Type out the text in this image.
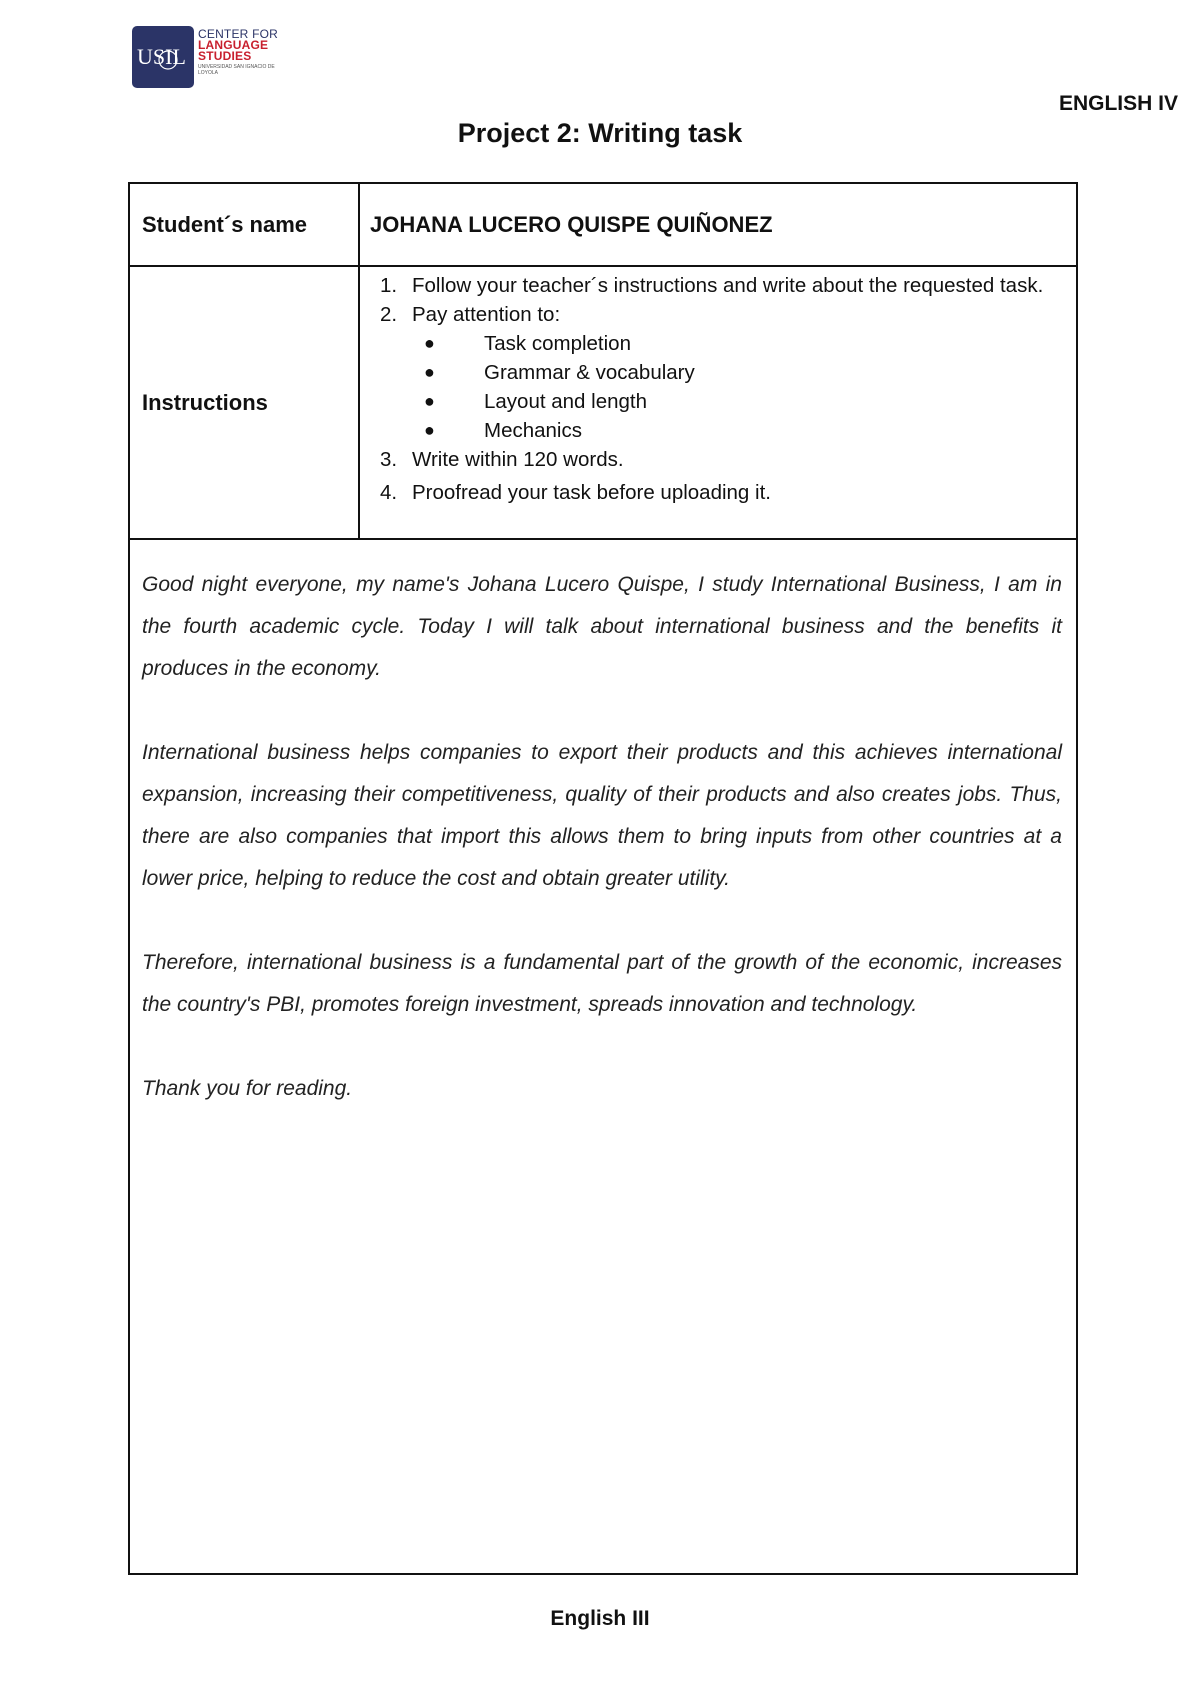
USIL
CENTER FOR
LANGUAGE
STUDIES
UNIVERSIDAD SAN IGNACIO DE LOYOLA
ENGLISH IV
Project 2: Writing task
Student´s name	JOHANA LUCERO QUISPE QUIÑONEZ
Instructions
1. Follow your teacher´s instructions and write about the requested task.
2. Pay attention to:
● Task completion
● Grammar & vocabulary
● Layout and length
● Mechanics
3. Write within 120 words.
4. Proofread your task before uploading it.

Good night everyone, my name's Johana Lucero Quispe, I study International Business, I am in the fourth academic cycle. Today I will talk about international business and the benefits it produces in the economy.

International business helps companies to export their products and this achieves international expansion, increasing their competitiveness, quality of their products and also creates jobs. Thus, there are also companies that import this allows them to bring inputs from other countries at a lower price, helping to reduce the cost and obtain greater utility.

Therefore, international business is a fundamental part of the growth of the economic, increases the country's PBI, promotes foreign investment, spreads innovation and technology.

Thank you for reading.

English III
